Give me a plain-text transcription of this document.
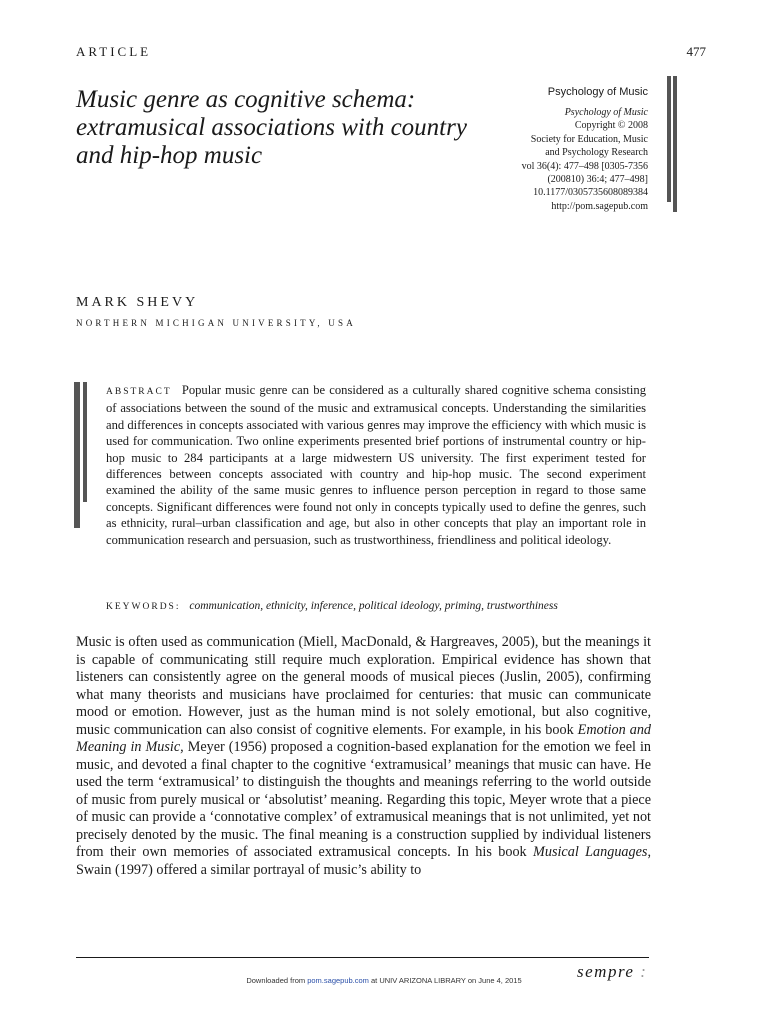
ARTICLE	477
Music genre as cognitive schema: extramusical associations with country and hip-hop music
Psychology of Music
Psychology of Music
Copyright © 2008
Society for Education, Music
and Psychology Research
vol 36(4): 477–498 [0305-7356
(200810) 36:4; 477–498]
10.1177/0305735608089384
http://pom.sagepub.com
MARK SHEVY
NORTHERN MICHIGAN UNIVERSITY, USA
ABSTRACT Popular music genre can be considered as a culturally shared cognitive schema consisting of associations between the sound of the music and extramusical concepts. Understanding the similarities and differences in concepts associated with various genres may improve the efficiency with which music is used for communication. Two online experiments presented brief portions of instrumental country or hip-hop music to 284 participants at a large midwestern US university. The first experiment tested for differences between concepts associated with country and hip-hop music. The second experiment examined the ability of the same music genres to influence person perception in regard to those same concepts. Significant differences were found not only in concepts typically used to define the genres, such as ethnicity, rural–urban classification and age, but also in other concepts that play an important role in communication research and persuasion, such as trustworthiness, friendliness and political ideology.
KEYWORDS: communication, ethnicity, inference, political ideology, priming, trustworthiness

Music is often used as communication (Miell, MacDonald, & Hargreaves, 2005), but the meanings it is capable of communicating still require much exploration. Empirical evidence has shown that listeners can consistently agree on the general moods of musical pieces (Juslin, 2005), confirming what many theorists and musicians have proclaimed for centuries: that music can communicate mood or emotion. However, just as the human mind is not solely emotional, but also cognitive, music communication can also consist of cognitive elements. For example, in his book Emotion and Meaning in Music, Meyer (1956) proposed a cognition-based explanation for the emotion we feel in music, and devoted a final chapter to the cognitive ‘extramusical’ meanings that music can have. He used the term ‘extramusical’ to distinguish the thoughts and meanings referring to the world outside of music from purely musical or ‘absolutist’ meaning. Regarding this topic, Meyer wrote that a piece of music can provide a ‘connotative complex’ of extramusical meanings that is not unlimited, yet not precisely denoted by the music. The final meaning is a construction supplied by individual listeners from their own memories of associated extramusical concepts. In his book Musical Languages, Swain (1997) offered a similar portrayal of music’s ability to

sempre :
Downloaded from pom.sagepub.com at UNIV ARIZONA LIBRARY on June 4, 2015
